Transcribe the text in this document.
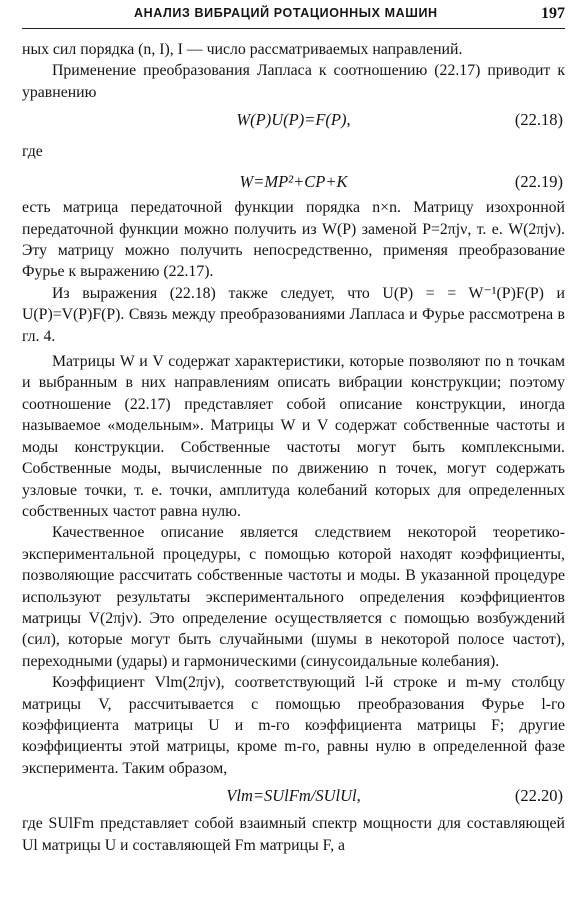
АНАЛИЗ ВИБРАЦИЙ РОТАЦИОННЫХ МАШИН	197

ных сил порядка (n, I), I — число рассматриваемых направлений.

Применение преобразования Лапласа к соотношению (22.17) приводит к уравнению

W(P)U(P)=F(P),	(22.18)
где
W=MP²+CP+K	(22.19)

есть матрица передаточной функции порядка n×n. Матрицу изохронной передаточной функции можно получить из W(P) заменой P=2πjν, т. е. W(2πjν). Эту матрицу можно получить непосредственно, применяя преобразование Фурье к выражению (22.17).

Из выражения (22.18) также следует, что U(P) = = W⁻¹(P)F(P) и U(P)=V(P)F(P). Связь между преобразованиями Лапласа и Фурье рассмотрена в гл. 4.

Матрицы W и V содержат характеристики, которые позволяют по n точкам и выбранным в них направлениям описать вибрации конструкции; поэтому соотношение (22.17) представляет собой описание конструкции, иногда называемое «модельным». Матрицы W и V содержат собственные частоты и моды конструкции. Собственные частоты могут быть комплексными. Собственные моды, вычисленные по движению n точек, могут содержать узловые точки, т. е. точки, амплитуда колебаний которых для определенных собственных частот равна нулю.

Качественное описание является следствием некоторой теоретико-экспериментальной процедуры, с помощью которой находят коэффициенты, позволяющие рассчитать собственные частоты и моды. В указанной процедуре используют результаты экспериментального определения коэффициентов матрицы V(2πjν). Это определение осуществляется с помощью возбуждений (сил), которые могут быть случайными (шумы в некоторой полосе частот), переходными (удары) и гармоническими (синусоидальные колебания).

Коэффициент Vlm(2πjν), соответствующий l-й строке и m-му столбцу матрицы V, рассчитывается с помощью преобразования Фурье l-го коэффициента матрицы U и m-го коэффициента матрицы F; другие коэффициенты этой матрицы, кроме m-го, равны нулю в определенной фазе эксперимента. Таким образом,

Vlm=SUlFm/SUlUl,	(22.20)

где SUlFm представляет собой взаимный спектр мощности для составляющей Ul матрицы U и составляющей Fm матрицы F, а
